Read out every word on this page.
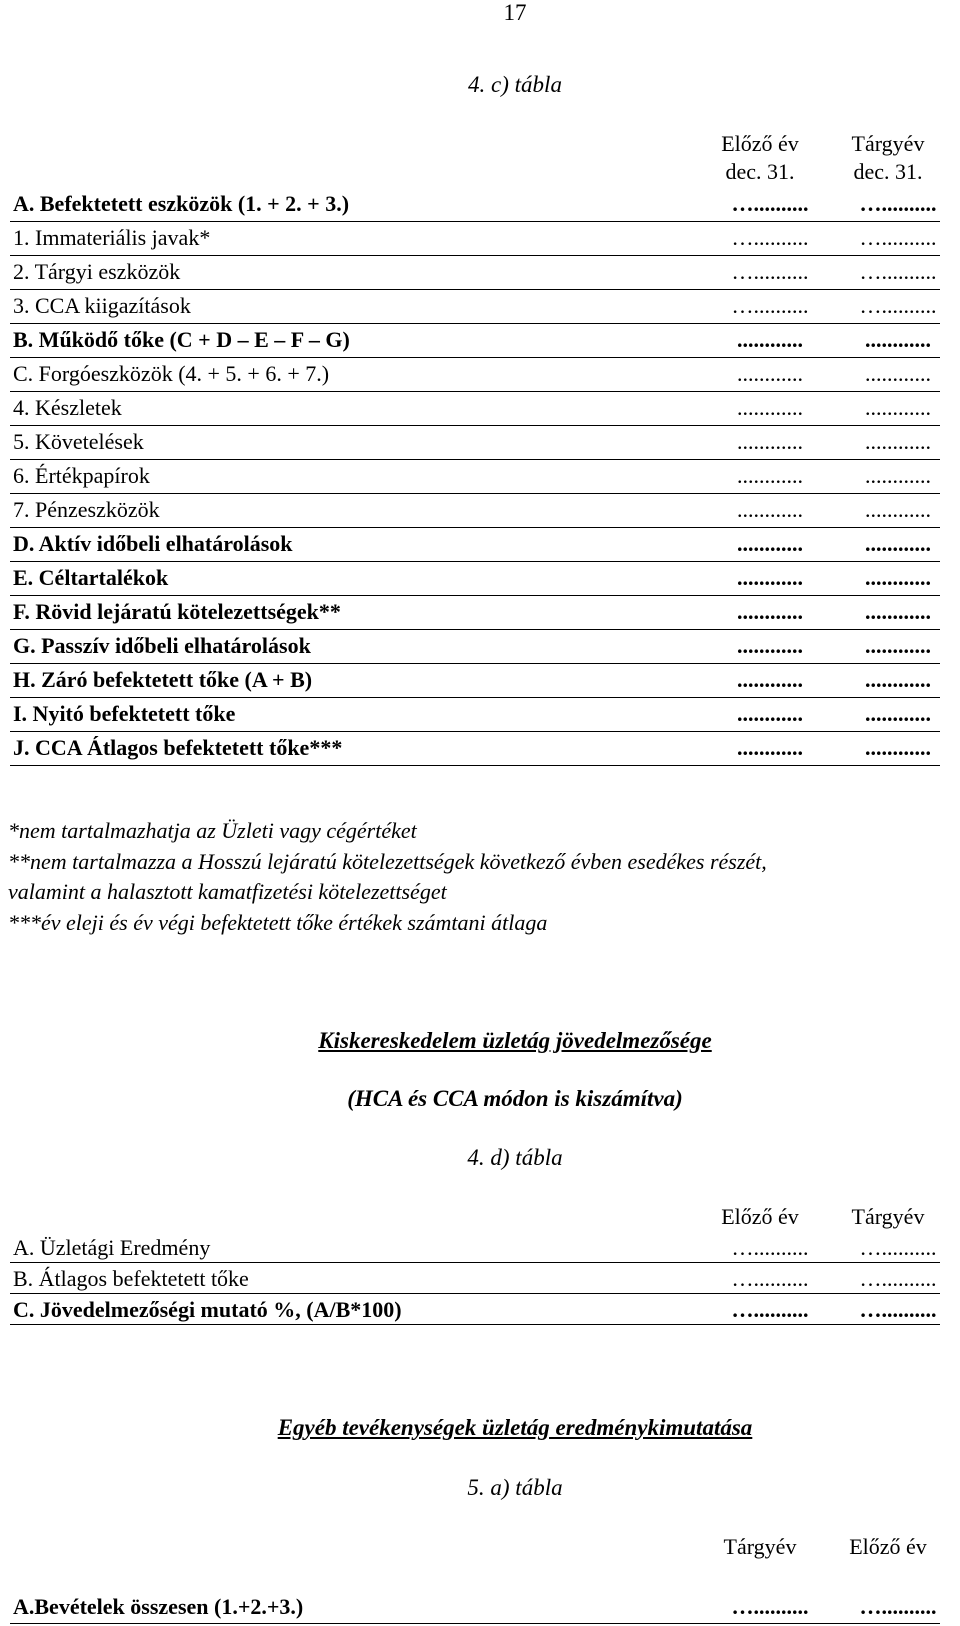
17
4. c) tábla
Előző év
dec. 31.
Tárgyév
dec. 31.
A. Befektetett eszközök (1. + 2. + 3.)	…..........	…..........
1. Immateriális javak*	…..........	…..........
2. Tárgyi eszközök	…..........	…..........
3. CCA kiigazítások	…..........	…..........
B. Működő tőke (C + D – E – F – G)	............	............
C. Forgóeszközök (4. + 5. + 6. + 7.)	............	............
4. Készletek	............	............
5. Követelések	............	............
6. Értékpapírok	............	............
7. Pénzeszközök	............	............
D. Aktív időbeli elhatárolások	............	............
E. Céltartalékok	............	............
F. Rövid lejáratú kötelezettségek**	............	............
G. Passzív időbeli elhatárolások	............	............
H. Záró befektetett tőke (A + B)	............	............
I. Nyitó befektetett tőke	............	............
J. CCA Átlagos befektetett tőke***	............	............
*nem tartalmazhatja az Üzleti vagy cégértéket
**nem tartalmazza a Hosszú lejáratú kötelezettségek következő évben esedékes részét,
valamint a halasztott kamatfizetési kötelezettséget
***év eleji és év végi befektetett tőke értékek számtani átlaga
Kiskereskedelem üzletág jövedelmezősége
(HCA és CCA módon is kiszámítva)
4. d) tábla
Előző év	Tárgyév
A. Üzletági Eredmény	…..........	…..........
B. Átlagos befektetett tőke	…..........	…..........
C. Jövedelmezőségi mutató %, (A/B*100)	…..........	…..........
Egyéb tevékenységek üzletág eredménykimutatása
5. a) tábla
Tárgyév	Előző év
A.Bevételek összesen (1.+2.+3.)	…..........	…..........
